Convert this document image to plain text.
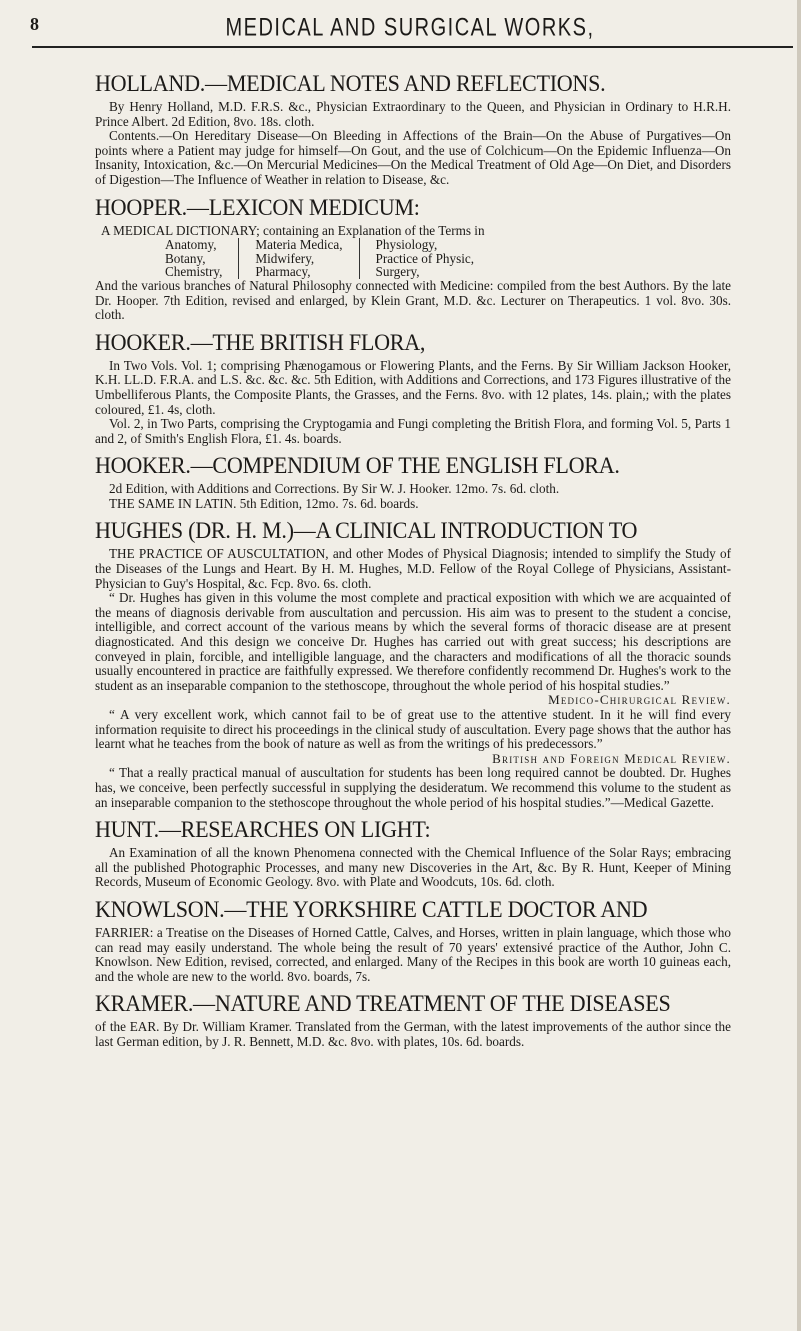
8	MEDICAL AND SURGICAL WORKS,
HOLLAND.—MEDICAL NOTES AND REFLECTIONS.

By Henry Holland, M.D. F.R.S. &c., Physician Extraordinary to the Queen, and Physician in Ordinary to H.R.H. Prince Albert. 2d Edition, 8vo. 18s. cloth.

Contents.—On Hereditary Disease—On Bleeding in Affections of the Brain—On the Abuse of Purgatives—On points where a Patient may judge for himself—On Gout, and the use of Colchicum—On the Epidemic Influenza—On Insanity, Intoxication, &c.—On Mercurial Medicines—On the Medical Treatment of Old Age—On Diet, and Disorders of Digestion—The Influence of Weather in relation to Disease, &c.

HOOPER.—LEXICON MEDICUM:
A MEDICAL DICTIONARY; containing an Explanation of the Terms in
Anatomy,
Botany,
Chemistry,
Materia Medica,
Midwifery,
Pharmacy,
Physiology,
Practice of Physic,
Surgery,

And the various branches of Natural Philosophy connected with Medicine: compiled from the best Authors. By the late Dr. Hooper. 7th Edition, revised and enlarged, by Klein Grant, M.D. &c. Lecturer on Therapeutics. 1 vol. 8vo. 30s. cloth.

HOOKER.—THE BRITISH FLORA,

In Two Vols. Vol. 1; comprising Phænogamous or Flowering Plants, and the Ferns. By Sir William Jackson Hooker, K.H. LL.D. F.R.A. and L.S. &c. &c. &c. 5th Edition, with Additions and Corrections, and 173 Figures illustrative of the Umbelliferous Plants, the Composite Plants, the Grasses, and the Ferns. 8vo. with 12 plates, 14s. plain,; with the plates coloured, £1. 4s, cloth.

Vol. 2, in Two Parts, comprising the Cryptogamia and Fungi completing the British Flora, and forming Vol. 5, Parts 1 and 2, of Smith's English Flora, £1. 4s. boards.

HOOKER.—COMPENDIUM OF THE ENGLISH FLORA.

2d Edition, with Additions and Corrections. By Sir W. J. Hooker. 12mo. 7s. 6d. cloth.

THE SAME IN LATIN. 5th Edition, 12mo. 7s. 6d. boards.

HUGHES (DR. H. M.)—A CLINICAL INTRODUCTION TO

THE PRACTICE OF AUSCULTATION, and other Modes of Physical Diagnosis; intended to simplify the Study of the Diseases of the Lungs and Heart. By H. M. Hughes, M.D. Fellow of the Royal College of Physicians, Assistant-Physician to Guy's Hospital, &c. Fcp. 8vo. 6s. cloth.

“ Dr. Hughes has given in this volume the most complete and practical exposition with which we are acquainted of the means of diagnosis derivable from auscultation and percussion. His aim was to present to the student a concise, intelligible, and correct account of the various means by which the several forms of thoracic disease are at present diagnosticated. And this design we conceive Dr. Hughes has carried out with great success; his descriptions are conveyed in plain, forcible, and intelligible language, and the characters and modifications of all the thoracic sounds usually encountered in practice are faithfully expressed. We therefore confidently recommend Dr. Hughes's work to the student as an inseparable companion to the stethoscope, throughout the whole period of his hospital studies.”

Medico-Chirurgical Review.

“ A very excellent work, which cannot fail to be of great use to the attentive student. In it he will find every information requisite to direct his proceedings in the clinical study of auscultation. Every page shows that the author has learnt what he teaches from the book of nature as well as from the writings of his predecessors.”

British and Foreign Medical Review.

“ That a really practical manual of auscultation for students has been long required cannot be doubted. Dr. Hughes has, we conceive, been perfectly successful in supplying the desideratum. We recommend this volume to the student as an inseparable companion to the stethoscope throughout the whole period of his hospital studies.”—Medical Gazette.

HUNT.—RESEARCHES ON LIGHT:

An Examination of all the known Phenomena connected with the Chemical Influence of the Solar Rays; embracing all the published Photographic Processes, and many new Discoveries in the Art, &c. By R. Hunt, Keeper of Mining Records, Museum of Economic Geology. 8vo. with Plate and Woodcuts, 10s. 6d. cloth.

KNOWLSON.—THE YORKSHIRE CATTLE DOCTOR AND

FARRIER: a Treatise on the Diseases of Horned Cattle, Calves, and Horses, written in plain language, which those who can read may easily understand. The whole being the result of 70 years' extensivé practice of the Author, John C. Knowlson. New Edition, revised, corrected, and enlarged. Many of the Recipes in this book are worth 10 guineas each, and the whole are new to the world. 8vo. boards, 7s.

KRAMER.—NATURE AND TREATMENT OF THE DISEASES

of the EAR. By Dr. William Kramer. Translated from the German, with the latest improvements of the author since the last German edition, by J. R. Bennett, M.D. &c. 8vo. with plates, 10s. 6d. boards.
